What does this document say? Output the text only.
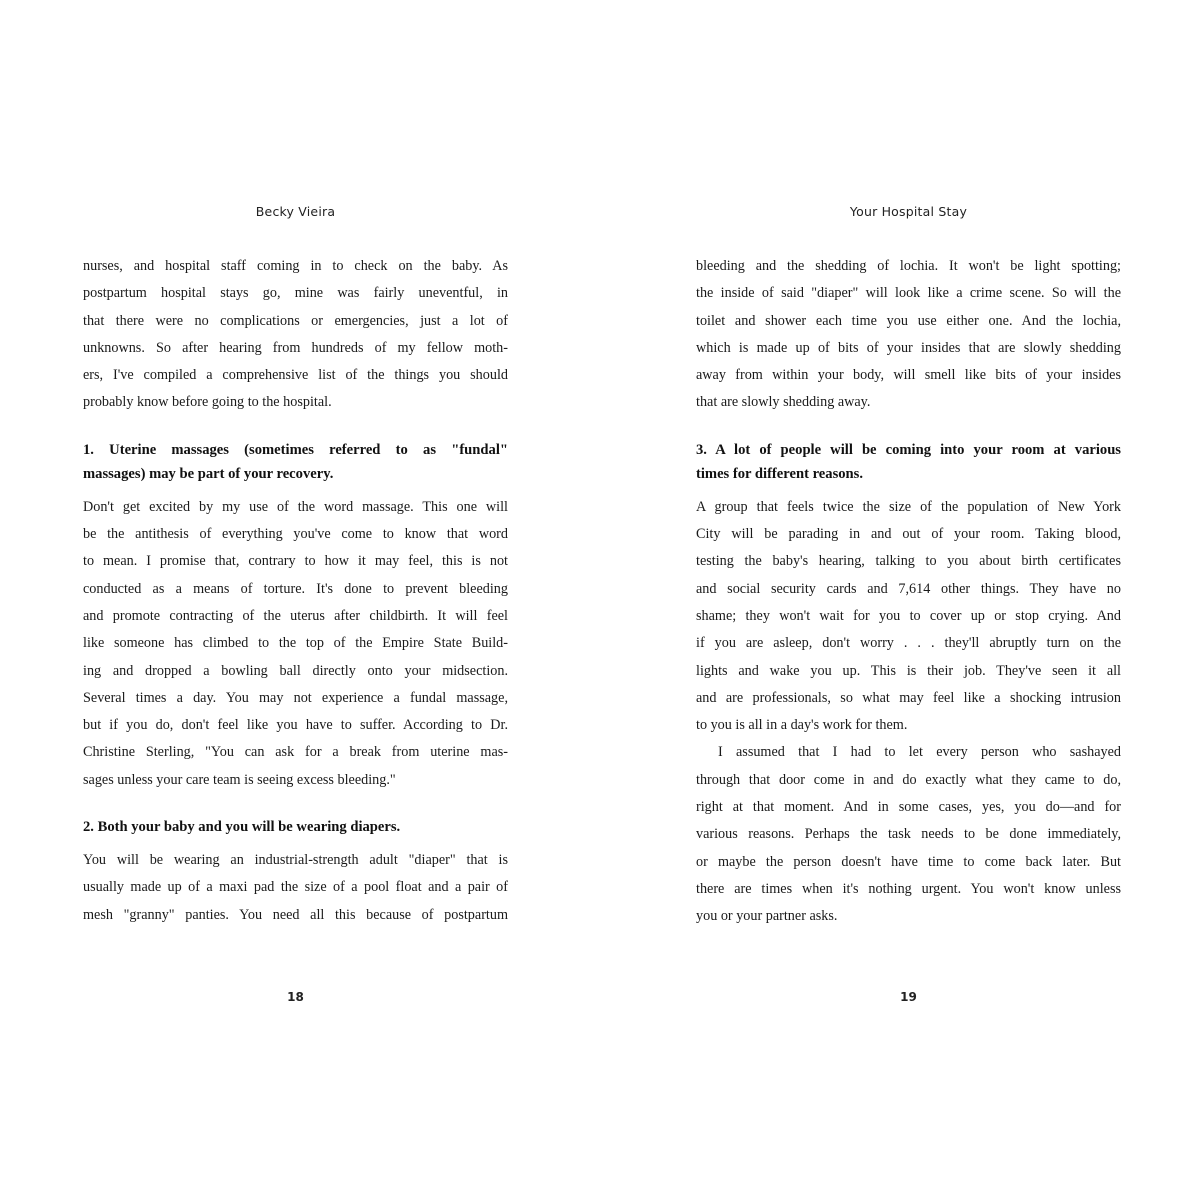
Becky Vieira
nurses, and hospital staff coming in to check on the baby. As
postpartum hospital stays go, mine was fairly uneventful, in
that there were no complications or emergencies, just a lot of
unknowns. So after hearing from hundreds of my fellow moth-
ers, I've compiled a comprehensive list of the things you should
probably know before going to the hospital.
1. Uterine massages (sometimes referred to as "fundal"
massages) may be part of your recovery.
Don't get excited by my use of the word massage. This one will
be the antithesis of everything you've come to know that word
to mean. I promise that, contrary to how it may feel, this is not
conducted as a means of torture. It's done to prevent bleeding
and promote contracting of the uterus after childbirth. It will feel
like someone has climbed to the top of the Empire State Build-
ing and dropped a bowling ball directly onto your midsection.
Several times a day. You may not experience a fundal massage,
but if you do, don't feel like you have to suffer. According to Dr.
Christine Sterling, "You can ask for a break from uterine mas-
sages unless your care team is seeing excess bleeding."
2. Both your baby and you will be wearing diapers.
You will be wearing an industrial-strength adult "diaper" that is
usually made up of a maxi pad the size of a pool float and a pair of
mesh "granny" panties. You need all this because of postpartum
18
Your Hospital Stay
bleeding and the shedding of lochia. It won't be light spotting;
the inside of said "diaper" will look like a crime scene. So will the
toilet and shower each time you use either one. And the lochia,
which is made up of bits of your insides that are slowly shedding
away from within your body, will smell like bits of your insides
that are slowly shedding away.
3. A lot of people will be coming into your room at various
times for different reasons.
A group that feels twice the size of the population of New York
City will be parading in and out of your room. Taking blood,
testing the baby's hearing, talking to you about birth certificates
and social security cards and 7,614 other things. They have no
shame; they won't wait for you to cover up or stop crying. And
if you are asleep, don't worry . . . they'll abruptly turn on the
lights and wake you up. This is their job. They've seen it all
and are professionals, so what may feel like a shocking intrusion
to you is all in a day's work for them.
I assumed that I had to let every person who sashayed
through that door come in and do exactly what they came to do,
right at that moment. And in some cases, yes, you do—and for
various reasons. Perhaps the task needs to be done immediately,
or maybe the person doesn't have time to come back later. But
there are times when it's nothing urgent. You won't know unless
you or your partner asks.
19
